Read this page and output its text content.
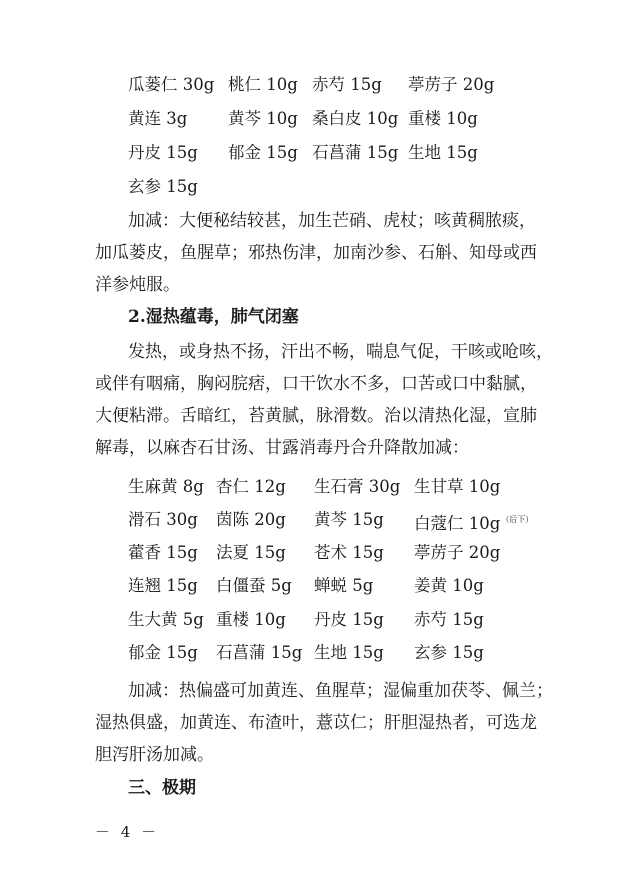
瓜蒌仁 30g 桃仁 10g 赤芍 15g 葶苈子 20g
黄连 3g 黄芩 10g 桑白皮 10g 重楼 10g
丹皮 15g 郁金 15g 石菖蒲 15g 生地 15g
玄参 15g
加减：大便秘结较甚，加生芒硝、虎杖；咳黄稠脓痰，
加瓜蒌皮，鱼腥草；邪热伤津，加南沙参、石斛、知母或西
洋参炖服。
2.湿热蕴毒，肺气闭塞
发热，或身热不扬，汗出不畅，喘息气促，干咳或呛咳，
或伴有咽痛，胸闷脘痞，口干饮水不多，口苦或口中黏腻，
大便粘滞。舌暗红，苔黄腻，脉滑数。治以清热化湿，宣肺
解毒，以麻杏石甘汤、甘露消毒丹合升降散加减：
生麻黄 8g 杏仁 12g 生石膏 30g 生甘草 10g
滑石 30g 茵陈 20g 黄芩 15g 白蔻仁 10g$^{(后下)}$
藿香 15g 法夏 15g 苍术 15g 葶苈子 20g
连翘 15g 白僵蚕 5g 蝉蜕 5g 姜黄 10g
生大黄 5g 重楼 10g 丹皮 15g 赤芍 15g
郁金 15g 石菖蒲 15g 生地 15g 玄参 15g
加减：热偏盛可加黄连、鱼腥草；湿偏重加茯苓、佩兰；
湿热俱盛，加黄连、布渣叶，薏苡仁；肝胆湿热者，可选龙
胆泻肝汤加减。
三、极期
－ 4 －
